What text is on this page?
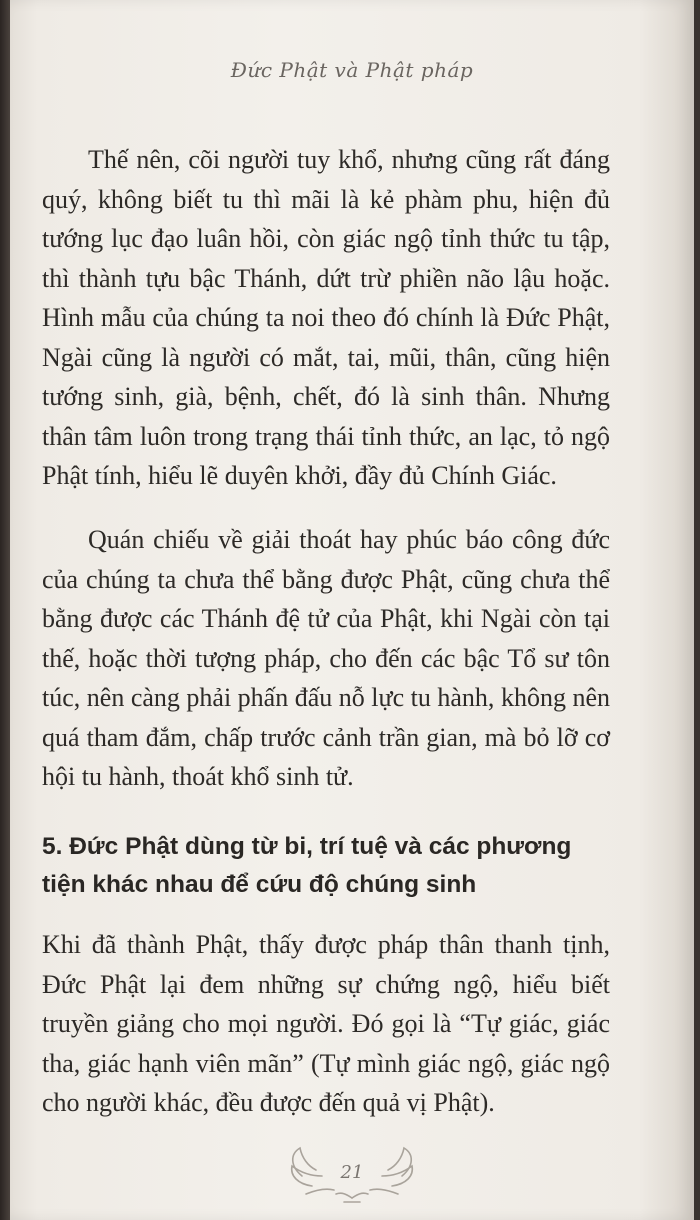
Đức Phật và Phật pháp

Thế nên, cõi người tuy khổ, nhưng cũng rất đáng quý, không biết tu thì mãi là kẻ phàm phu, hiện đủ tướng lục đạo luân hồi, còn giác ngộ tỉnh thức tu tập, thì thành tựu bậc Thánh, dứt trừ phiền não lậu hoặc. Hình mẫu của chúng ta noi theo đó chính là Đức Phật, Ngài cũng là người có mắt, tai, mũi, thân, cũng hiện tướng sinh, già, bệnh, chết, đó là sinh thân. Nhưng thân tâm luôn trong trạng thái tỉnh thức, an lạc, tỏ ngộ Phật tính, hiểu lẽ duyên khởi, đầy đủ Chính Giác.

Quán chiếu về giải thoát hay phúc báo công đức của chúng ta chưa thể bằng được Phật, cũng chưa thể bằng được các Thánh đệ tử của Phật, khi Ngài còn tại thế, hoặc thời tượng pháp, cho đến các bậc Tổ sư tôn túc, nên càng phải phấn đấu nỗ lực tu hành, không nên quá tham đắm, chấp trước cảnh trần gian, mà bỏ lỡ cơ hội tu hành, thoát khổ sinh tử.

5. Đức Phật dùng từ bi, trí tuệ và các phương tiện khác nhau để cứu độ chúng sinh

Khi đã thành Phật, thấy được pháp thân thanh tịnh, Đức Phật lại đem những sự chứng ngộ, hiểu biết truyền giảng cho mọi người. Đó gọi là “Tự giác, giác tha, giác hạnh viên mãn” (Tự mình giác ngộ, giác ngộ cho người khác, đều được đến quả vị Phật).

21
